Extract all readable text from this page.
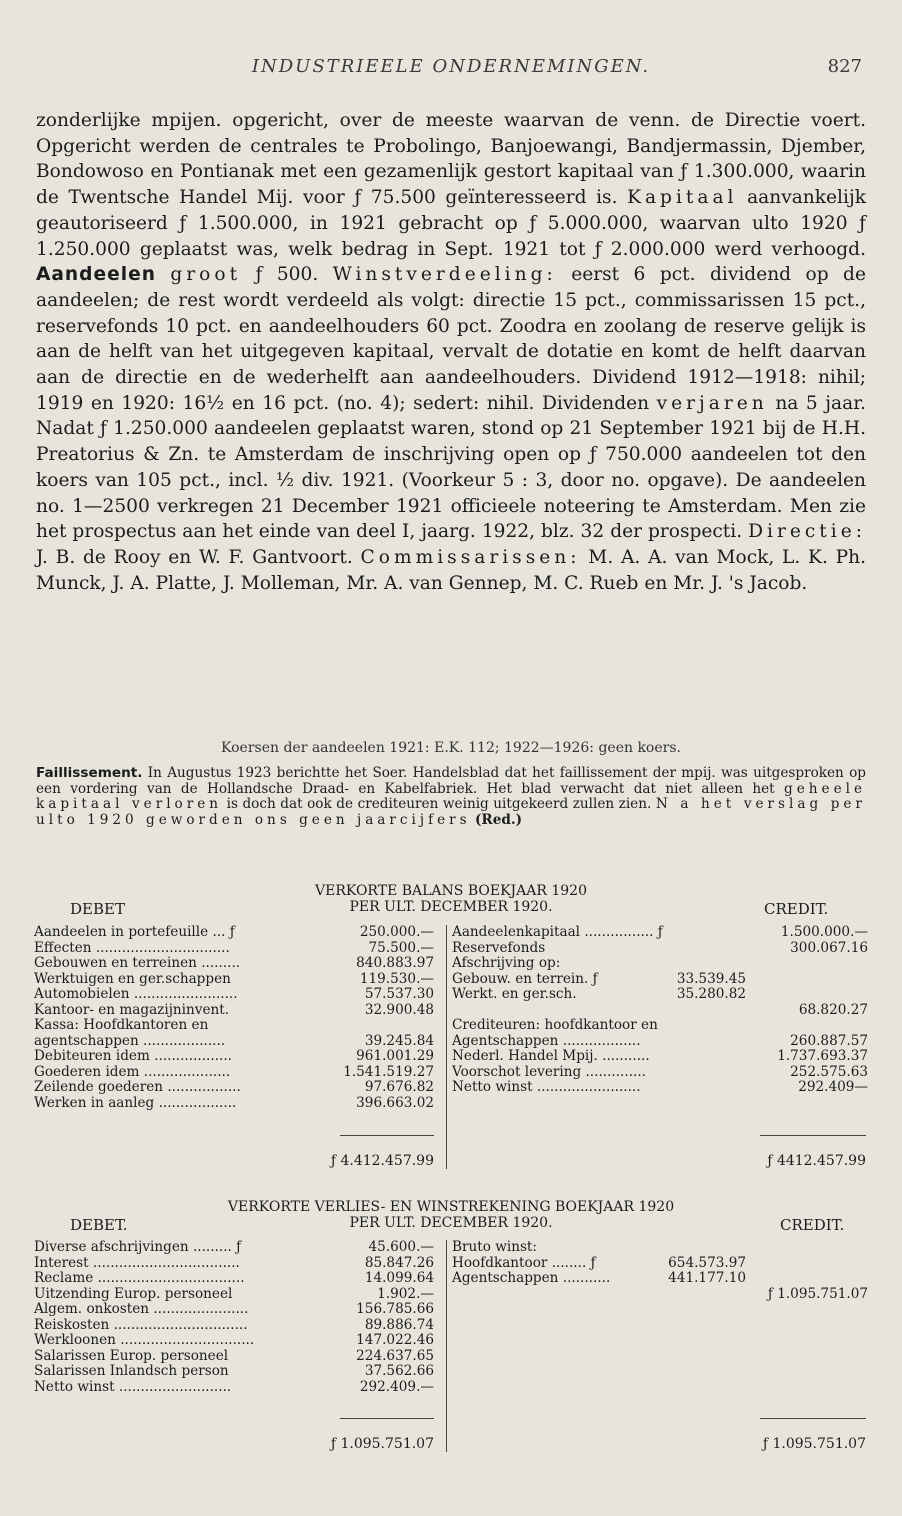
INDUSTRIEELE ONDERNEMINGEN.	827

zonderlijke mpijen. opgericht, over de meeste waarvan de venn. de Directie voert. Opgericht werden de centrales te Probolingo, Banjoewangi, Bandjermassin, Djember, Bondowoso en Pontianak met een gezamenlijk gestort kapitaal van ƒ 1.300.000, waarin de Twentsche Handel Mij. voor ƒ 75.500 geïnteresseerd is. Kapitaal aanvankelijk geautoriseerd ƒ 1.500.000, in 1921 gebracht op ƒ 5.000.000, waarvan ulto 1920 ƒ 1.250.000 geplaatst was, welk bedrag in Sept. 1921 tot ƒ 2.000.000 werd verhoogd. Aandeelen groot ƒ 500. Winstverdeeling: eerst 6 pct. dividend op de aandeelen; de rest wordt verdeeld als volgt: directie 15 pct., commissarissen 15 pct., reservefonds 10 pct. en aandeelhouders 60 pct. Zoodra en zoolang de reserve gelijk is aan de helft van het uitgegeven kapitaal, vervalt de dotatie en komt de helft daarvan aan de directie en de wederhelft aan aandeelhouders. Dividend 1912—1918: nihil; 1919 en 1920: 16½ en 16 pct. (no. 4); sedert: nihil. Dividenden verjaren na 5 jaar. Nadat ƒ 1.250.000 aandeelen geplaatst waren, stond op 21 September 1921 bij de H.H. Preatorius & Zn. te Amsterdam de inschrijving open op ƒ 750.000 aandeelen tot den koers van 105 pct., incl. ½ div. 1921. (Voorkeur 5 : 3, door no. opgave). De aandeelen no. 1—2500 verkregen 21 December 1921 officieele noteering te Amsterdam. Men zie het prospectus aan het einde van deel I, jaarg. 1922, blz. 32 der prospecti. Directie: J. B. de Rooy en W. F. Gantvoort. Commissarissen: M. A. A. van Mock, L. K. Ph. Munck, J. A. Platte, J. Molleman, Mr. A. van Gennep, M. C. Rueb en Mr. J. 's Jacob.

Koersen der aandeelen 1921: E.K. 112; 1922—1926: geen koers.
Faillissement. In Augustus 1923 berichtte het Soer. Handelsblad dat het faillissement der mpij. was uitgesproken op een vordering van de Hollandsche Draad- en Kabelfabriek. Het blad verwacht dat niet alleen het geheele kapitaal verloren is doch dat ook de crediteuren weinig uitgekeerd zullen zien. N a het verslag per ulto 1920 geworden ons geen jaarcijfers (Red.)
VERKORTE BALANS BOEKJAAR 1920
PER ULT. DECEMBER 1920.
DEBET	CREDIT.
Aandeelen in portefeuille ... ƒ	250.000.—
Effecten ...............................	75.500.—
Gebouwen en terreinen .........	840.883.97
Werktuigen en ger.schappen	119.530.—
Automobielen ........................	57.537.30
Kantoor- en magazijninvent.	32.900.48
Kassa: Hoofdkantoren en
agentschappen ...................	39.245.84
Debiteuren idem ..................	961.001.29
Goederen idem ....................	1.541.519.27
Zeilende goederen .................	97.676.82
Werken in aanleg ..................	396.663.02
Aandeelenkapitaal ................ ƒ	1.500.000.—
Reservefonds	300.067.16
Afschrijving op:
Gebouw. en terrein. ƒ	33.539.45
Werkt. en ger.sch.	35.280.82
68.820.27
Crediteuren: hoofdkantoor en
Agentschappen ..................	260.887.57
Nederl. Handel Mpij. ...........	1.737.693.37
Voorschot levering ..............	252.575.63
Netto winst ........................	292.409—
ƒ 4.412.457.99	ƒ 4412.457.99
VERKORTE VERLIES- EN WINSTREKENING BOEKJAAR 1920
PER ULT. DECEMBER 1920.
DEBET.	CREDIT.
Diverse afschrijvingen ......... ƒ	45.600.—
Interest ..................................	85.847.26
Reclame ..................................	14.099.64
Uitzending Europ. personeel	1.902.—
Algem. onkosten ......................	156.785.66
Reiskosten ...............................	89.886.74
Werkloonen ...............................	147.022.46
Salarissen Europ. personeel	224.637.65
Salarissen Inlandsch person	37.562.66
Netto winst ..........................	292.409.—
Bruto winst:
Hoofdkantoor ........ ƒ	654.573.97
Agentschappen ...........	441.177.10
ƒ 1.095.751.07
ƒ 1.095.751.07	ƒ 1.095.751.07
